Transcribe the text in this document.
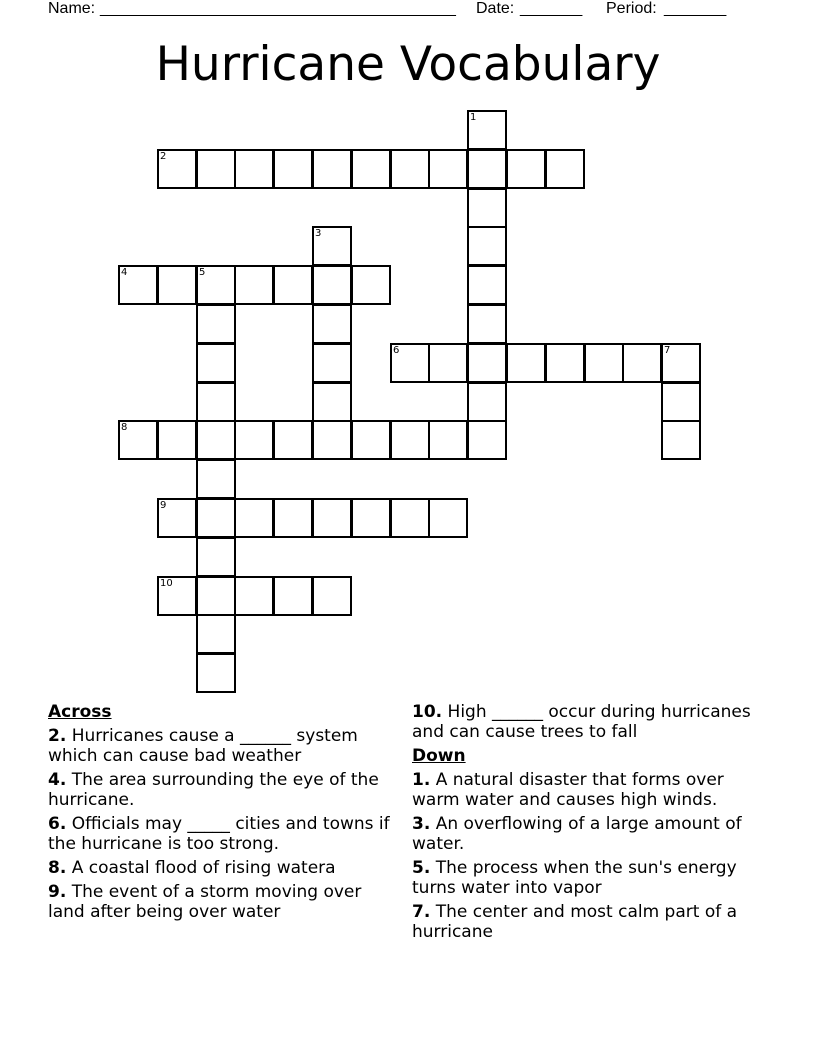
Name: ________________________________________ Date: _______ Period: _______
Hurricane Vocabulary
1
2
3
4	5
6	7
8
9
10
Across
2. Hurricanes cause a ______ system which can cause bad weather
4. The area surrounding the eye of the hurricane.
6. Officials may _____ cities and towns if the hurricane is too strong.
8. A coastal flood of rising watera
9. The event of a storm moving over land after being over water
10. High ______ occur during hurricanes and can cause trees to fall
Down
1. A natural disaster that forms over warm water and causes high winds.
3. An overflowing of a large amount of water.
5. The process when the sun's energy turns water into vapor
7. The center and most calm part of a hurricane
